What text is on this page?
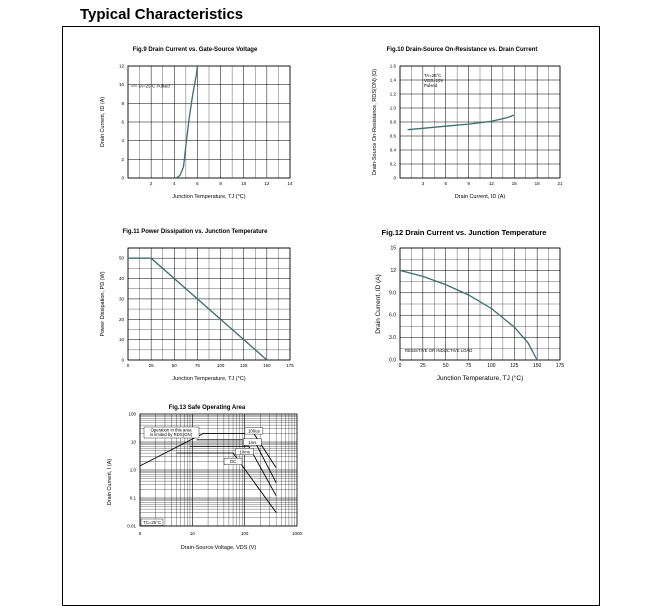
Typical Characteristics
Fig.9 Drain Current vs. Gate-Source Voltage
2	4	6	8	10	12	14
0
2
4
6
8
10
12
Junction Temperature, TJ (°C)
Drain Current, ID (A)
TA=25°C Pulsed
Fig.10 Drain-Source On-Resistance vs. Drain Current
3	6	9	12	15	18	21
0
0.2
0.4
0.6
0.8
1.0
1.2
1.4
1.6
Drain Current, ID (A)
Drain-Source On-Resistance, RDS(ON) (Ω)	TA=25°C
VGS=10V
Pulsed
Fig.11 Power Dissipation vs. Junction Temperature
25	50	75	100	125	150	175
0
0
10
20
30
40
50
Junction Temperature, TJ (°C)
Power Dissipation, PD (W)
Fig.12 Drain Current vs. Junction Temperature
25	50	75	100	125	150	175
0
0.0
3.0
6.0
9.0
12
15
Junction Temperature, TJ (°C)
Drain Current, ID (A)
RESISTIVE OR INDUCTIVE LOAD
Fig.13 Safe Operating Area
0	10	100	1000
0.01
0.1
1.0
10
100
Drain-Source Voltage, VDS (V)
Drain Current, I (A)
Operation in this area
is limited by RDS(ON)
100us
1ms
10ms
DC
TC=25°C
